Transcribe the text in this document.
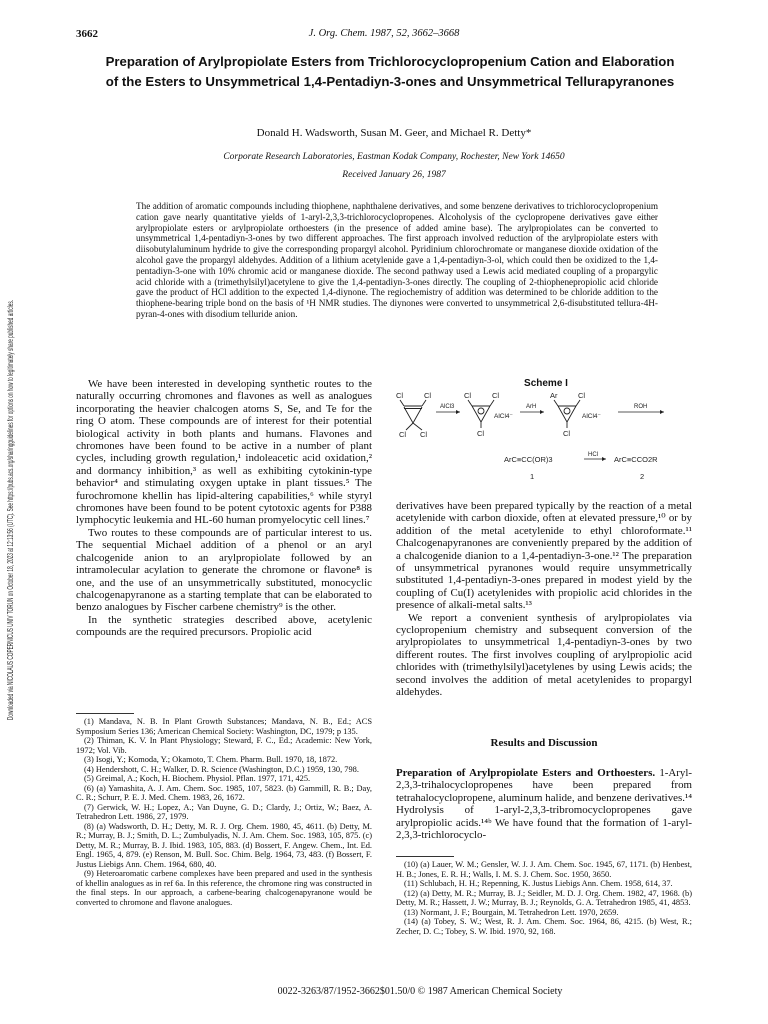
3662	J. Org. Chem. 1987, 52, 3662–3668
Preparation of Arylpropiolate Esters from Trichlorocyclopropenium Cation and Elaboration of the Esters to Unsymmetrical 1,4-Pentadiyn-3-ones and Unsymmetrical Tellurapyranones
Donald H. Wadsworth, Susan M. Geer, and Michael R. Detty*
Corporate Research Laboratories, Eastman Kodak Company, Rochester, New York 14650
Received January 26, 1987
The addition of aromatic compounds including thiophene, naphthalene derivatives, and some benzene derivatives to trichlorocyclopropenium cation gave nearly quantitative yields of 1-aryl-2,3,3-trichlorocyclopropenes. Alcoholysis of the cyclopropene derivatives gave either arylpropiolate esters or arylpropiolate orthoesters (in the presence of added amine base). The arylpropiolates can be converted to unsymmetrical 1,4-pentadiyn-3-ones by two different approaches. The first approach involved reduction of the arylpropiolate esters with diisobutylaluminum hydride to give the corresponding propargyl alcohol. Pyridinium chlorochromate or manganese dioxide oxidation of the alcohol gave the propargyl aldehydes. Addition of a lithium acetylenide gave a 1,4-pentadiyn-3-ol, which could then be oxidized to the 1,4-pentadiyn-3-one with 10% chromic acid or manganese dioxide. The second pathway used a Lewis acid mediated coupling of a propargylic acid chloride with a (trimethylsilyl)acetylene to give the 1,4-pentadiyn-3-ones directly. The coupling of 2-thiophenepropiolic acid chloride gave the product of HCl addition to the expected 1,4-diynone. The regiochemistry of addition was determined to be chloride addition to the thiophene-bearing triple bond on the basis of ¹H NMR studies. The diynones were converted to unsymmetrical 2,6-disubstituted tellura-4H-pyran-4-ones with disodium telluride anion.
Downloaded via NICOLAUS COPERNICUS UNIV TORUN on October 18, 2023 at 12:13:56 (UTC). See https://pubs.acs.org/sharingguidelines for options on how to legitimately share published articles.	We have been interested in developing synthetic routes to the naturally occurring chromones and flavones as well as analogues incorporating the heavier chalcogen atoms S, Se, and Te for the ring O atom. These compounds are of interest for their potential biological activity in both plants and humans. Flavones and chromones have been found to be active in a number of plant cycles, including growth regulation,¹ indoleacetic acid oxidation,² and dormancy inhibition,³ as well as exhibiting cytokinin-type behavior⁴ and stimulating oxygen uptake in plant tissues.⁵ The furochromone khellin has lipid-altering capabilities,⁶ while styryl chromones have been found to be potent cytotoxic agents for P388 lymphocytic leukemia and HL-60 human promyelocytic cell lines.⁷

Two routes to these compounds are of particular interest to us. The sequential Michael addition of a phenol or an aryl chalcogenide anion to an arylpropiolate followed by an intramolecular acylation to generate the chromone or flavone⁸ is one, and the use of an unsymmetrically substituted, monocyclic chalcogenapyranone as a starting template that can be elaborated to benzo analogues by Fischer carbene chemistry⁹ is the other.

In the synthetic strategies described above, acetylenic compounds are the required precursors. Propiolic acid

(1) Mandava, N. B. In Plant Growth Substances; Mandava, N. B., Ed.; ACS Symposium Series 136; American Chemical Society: Washington, DC, 1979; p 135.
(2) Thiman, K. V. In Plant Physiology; Steward, F. C., Ed.; Academic: New York, 1972; Vol. Vib.
(3) Isogi, Y.; Komoda, Y.; Okamoto, T. Chem. Pharm. Bull. 1970, 18, 1872.
(4) Hendershott, C. H.; Walker, D. R. Science (Washington, D.C.) 1959, 130, 798.
(5) Greimal, A.; Koch, H. Biochem. Physiol. Pflan. 1977, 171, 425.
(6) (a) Yamashita, A. J. Am. Chem. Soc. 1985, 107, 5823. (b) Gammill, R. B.; Day, C. R.; Schurr, P. E. J. Med. Chem. 1983, 26, 1672.
(7) Gerwick, W. H.; Lopez, A.; Van Duyne, G. D.; Clardy, J.; Ortiz, W.; Baez, A. Tetrahedron Lett. 1986, 27, 1979.
(8) (a) Wadsworth, D. H.; Detty, M. R. J. Org. Chem. 1980, 45, 4611. (b) Detty, M. R.; Murray, B. J.; Smith, D. L.; Zumbulyadis, N. J. Am. Chem. Soc. 1983, 105, 875. (c) Detty, M. R.; Murray, B. J. Ibid. 1983, 105, 883. (d) Bossert, F. Angew. Chem., Int. Ed. Engl. 1965, 4, 879. (e) Renson, M. Bull. Soc. Chim. Belg. 1964, 73, 483. (f) Bossert, F. Justus Liebigs Ann. Chem. 1964, 680, 40.
(9) Heteroaromatic carbene complexes have been prepared and used in the synthesis of khellin analogues as in ref 6a. In this reference, the chromone ring was constructed in the final steps. In our approach, a carbene-bearing chalcogenapyranone would be converted to chromone and flavone analogues.
Scheme I
Cl	Cl
Cl Cl
AlCl3
Cl	Cl
Cl
AlCl4⁻
ArH
Ar	Cl
Cl
AlCl4⁻
ROH
ArC≡CC(OR)3	HCl ArC≡CCO2R
1	2

derivatives have been prepared typically by the reaction of a metal acetylenide with carbon dioxide, often at elevated pressure,¹⁰ or by addition of the metal acetylenide to ethyl chloroformate.¹¹ Chalcogenapyranones are conveniently prepared by the addition of a chalcogenide dianion to a 1,4-pentadiyn-3-one.¹² The preparation of unsymmetrical pyranones would require unsymmetrically substituted 1,4-pentadiyn-3-ones prepared in modest yield by the coupling of Cu(I) acetylenides with propiolic acid chlorides in the presence of alkali-metal salts.¹³

We report a convenient synthesis of arylpropiolates via cyclopropenium chemistry and subsequent conversion of the arylpropiolates to unsymmetrical 1,4-pentadiyn-3-ones by two different routes. The first involves coupling of arylpropiolic acid chlorides with (trimethylsilyl)acetylenes by using Lewis acids; the second involves the addition of metal acetylenides to propargyl aldehydes.

Results and Discussion

Preparation of Arylpropiolate Esters and Orthoesters. 1-Aryl-2,3,3-trihalocyclopropenes have been prepared from tetrahalocyclopropene, aluminum halide, and benzene derivatives.¹⁴ Hydrolysis of 1-aryl-2,3,3-tribromocyclopropenes gave arylpropiolic acids.¹⁴ᵇ We have found that the formation of 1-aryl-2,3,3-trichlorocyclo-

(10) (a) Lauer, W. M.; Gensler, W. J. J. Am. Chem. Soc. 1945, 67, 1171. (b) Henbest, H. B.; Jones, E. R. H.; Walls, I. M. S. J. Chem. Soc. 1950, 3650.
(11) Schlubach, H. H.; Repenning, K. Justus Liebigs Ann. Chem. 1958, 614, 37.
(12) (a) Detty, M. R.; Murray, B. J.; Seidler, M. D. J. Org. Chem. 1982, 47, 1968. (b) Detty, M. R.; Hassett, J. W.; Murray, B. J.; Reynolds, G. A. Tetrahedron 1985, 41, 4853.
(13) Normant, J. F.; Bourgain, M. Tetrahedron Lett. 1970, 2659.
(14) (a) Tobey, S. W.; West, R. J. Am. Chem. Soc. 1964, 86, 4215. (b) West, R.; Zecher, D. C.; Tobey, S. W. Ibid. 1970, 92, 168.
0022-3263/87/1952-3662$01.50/0 © 1987 American Chemical Society
